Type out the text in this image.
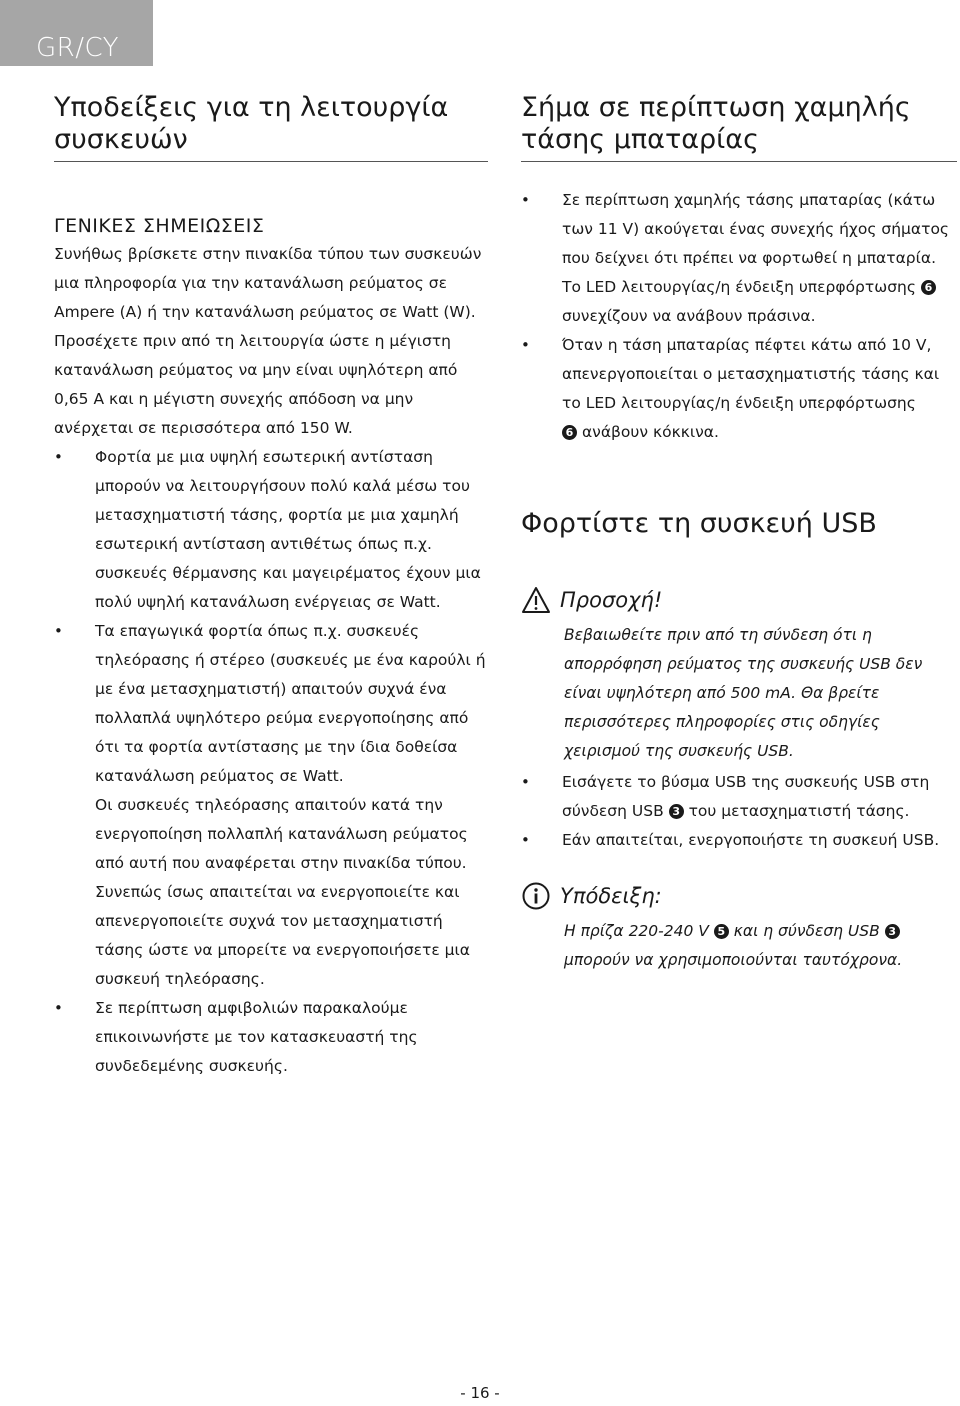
GR/CY
Υποδείξεις για τη λειτουργία συσκευών

ΓΕΝΙΚΕΣ ΣΗΜΕΙΩΣΕΙΣ

Συνήθως βρίσκετε στην πινακίδα τύπου των συσκευών μια πληροφορία για την κατανάλωση ρεύματος σε Ampere (A) ή την κατανάλωση ρεύματος σε Watt (W). Προσέχετε πριν από τη λειτουργία ώστε η μέγιστη κατανάλωση ρεύματος να μην είναι υψηλότερη από 0,65 A και η μέγιστη συνεχής απόδοση να μην ανέρχεται σε περισσότερα από 150 W.

• Φορτία με μια υψηλή εσωτερική αντίσταση μπορούν να λειτουργήσουν πολύ καλά μέσω του μετασχηματιστή τάσης, φορτία με μια χαμηλή εσωτερική αντίσταση αντιθέτως όπως π.χ. συσκευές θέρμανσης και μαγειρέματος έχουν μια πολύ υψηλή κατανάλωση ενέργειας σε Watt.
• Τα επαγωγικά φορτία όπως π.χ. συσκευές τηλεόρασης ή στέρεο (συσκευές με ένα καρούλι ή με ένα μετασχηματιστή) απαιτούν συχνά ένα πολλαπλά υψηλότερο ρεύμα ενεργοποίησης από ότι τα φορτία αντίστασης με την ίδια δοθείσα κατανάλωση ρεύματος σε Watt.
Οι συσκευές τηλεόρασης απαιτούν κατά την ενεργοποίηση πολλαπλή κατανάλωση ρεύματος από αυτή που αναφέρεται στην πινακίδα τύπου. Συνεπώς ίσως απαιτείται να ενεργοποιείτε και απενεργοποιείτε συχνά τον μετασχηματιστή τάσης ώστε να μπορείτε να ενεργοποιήσετε μια συσκευή τηλεόρασης.
• Σε περίπτωση αμφιβολιών παρακαλούμε επικοινωνήστε με τον κατασκευαστή της συνδεδεμένης συσκευής.
Σήμα σε περίπτωση χαμηλής τάσης μπαταρίας
• Σε περίπτωση χαμηλής τάσης μπαταρίας (κάτω των 11 V) ακούγεται ένας συνεχής ήχος σήματος που δείχνει ότι πρέπει να φορτωθεί η μπαταρία. Το LED λειτουργίας/η ένδειξη υπερφόρτωσης 6 συνεχίζουν να ανάβουν πράσινα.
• Όταν η τάση μπαταρίας πέφτει κάτω από 10 V, απενεργοποιείται ο μετασχηματιστής τάσης και το LED λειτουργίας/η ένδειξη υπερφόρτωσης
6 ανάβουν κόκκινα.
Φορτίστε τη συσκευή USB
Προσοχή!

Βεβαιωθείτε πριν από τη σύνδεση ότι η απορρόφηση ρεύματος της συσκευής USB δεν είναι υψηλότερη από 500 mA. Θα βρείτε περισσότερες πληροφορίες στις οδηγίες χειρισμού της συσκευής USB.

• Εισάγετε το βύσμα USB της συσκευής USB στη σύνδεση USB 3 του μετασχηματιστή τάσης.
• Εάν απαιτείται, ενεργοποιήστε τη συσκευή USB.
Υπόδειξη:

Η πρίζα 220-240 V 5 και η σύνδεση USB 3 μπορούν να χρησιμοποιούνται ταυτόχρονα.

- 16 -
